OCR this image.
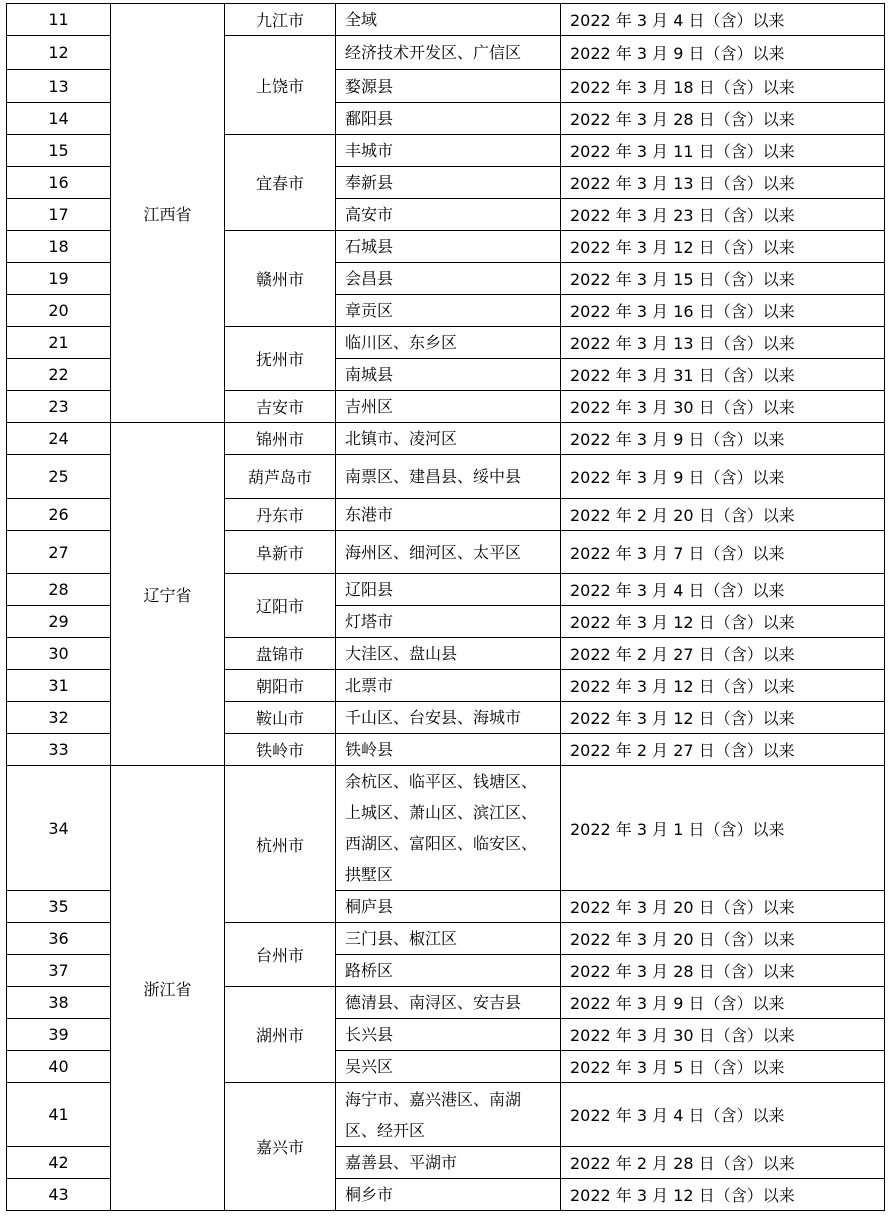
11	江西省	九江市	全域	2022 年 3 月 4 日（含）以来
12		上饶市	经济技术开发区、广信区	2022 年 3 月 9 日（含）以来
13			婺源县	2022 年 3 月 18 日（含）以来
14			鄱阳县	2022 年 3 月 28 日（含）以来
15		宜春市	丰城市	2022 年 3 月 11 日（含）以来
16			奉新县	2022 年 3 月 13 日（含）以来
17			高安市	2022 年 3 月 23 日（含）以来
18		赣州市	石城县	2022 年 3 月 12 日（含）以来
19			会昌县	2022 年 3 月 15 日（含）以来
20			章贡区	2022 年 3 月 16 日（含）以来
21		抚州市	临川区、东乡区	2022 年 3 月 13 日（含）以来
22			南城县	2022 年 3 月 31 日（含）以来
23		吉安市	吉州区	2022 年 3 月 30 日（含）以来
24	辽宁省	锦州市	北镇市、凌河区	2022 年 3 月 9 日（含）以来
25		葫芦岛市	南票区、建昌县、绥中县	2022 年 3 月 9 日（含）以来
26		丹东市	东港市	2022 年 2 月 20 日（含）以来
27		阜新市	海州区、细河区、太平区	2022 年 3 月 7 日（含）以来
28		辽阳市	辽阳县	2022 年 3 月 4 日（含）以来
29			灯塔市	2022 年 3 月 12 日（含）以来
30		盘锦市	大洼区、盘山县	2022 年 2 月 27 日（含）以来
31		朝阳市	北票市	2022 年 3 月 12 日（含）以来
32		鞍山市	千山区、台安县、海城市	2022 年 3 月 12 日（含）以来
33		铁岭市	铁岭县	2022 年 2 月 27 日（含）以来
34	浙江省	杭州市	余杭区、临平区、钱塘区、上城区、萧山区、滨江区、西湖区、富阳区、临安区、拱墅区	2022 年 3 月 1 日（含）以来
35			桐庐县	2022 年 3 月 20 日（含）以来
36		台州市	三门县、椒江区	2022 年 3 月 20 日（含）以来
37			路桥区	2022 年 3 月 28 日（含）以来
38		湖州市	德清县、南浔区、安吉县	2022 年 3 月 9 日（含）以来
39			长兴县	2022 年 3 月 30 日（含）以来
40			吴兴区	2022 年 3 月 5 日（含）以来
41		嘉兴市	海宁市、嘉兴港区、南湖区、经开区	2022 年 3 月 4 日（含）以来
42			嘉善县、平湖市	2022 年 2 月 28 日（含）以来
43			桐乡市	2022 年 3 月 12 日（含）以来
